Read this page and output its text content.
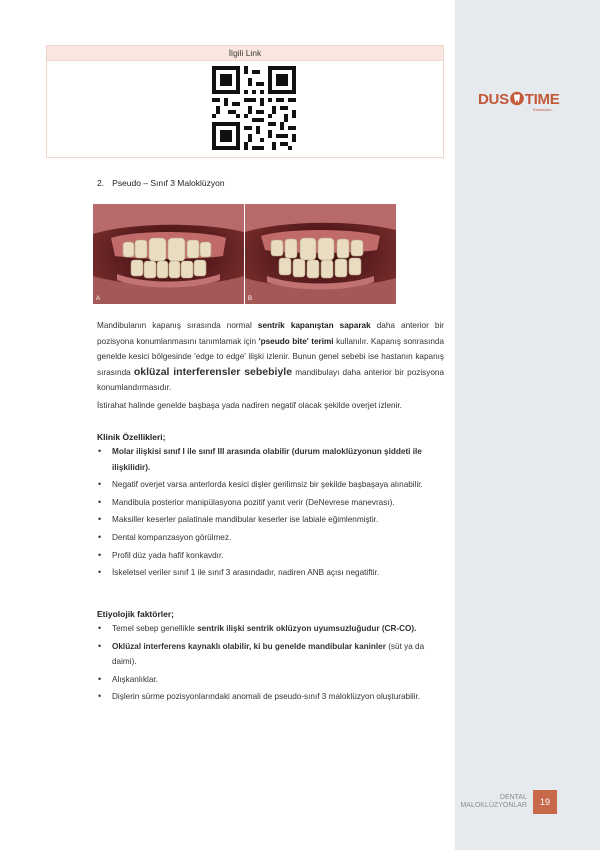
DUS TIME
Kazandırır...
İlgili Link
2. Pseudo – Sınıf 3 Maloklüzyon
A	B
Mandibulanın kapanış sırasında normal sentrik kapanıştan saparak daha anterior bir pozisyona konumlanmasını tanımlamak için 'pseudo bite' terimi kullanılır. Kapanış sonrasında genelde kesici bölgesinde 'edge to edge' ilişki izlenir. Bunun genel sebebi ise hastanın kapanış sırasında oklüzal interferensler sebebiyle mandibulayı daha anterior bir pozisyona konumlandırmasıdır.
İstirahat halinde genelde başbaşa yada nadiren negatif olacak şekilde overjet izlenir.
Klinik Özellikleri;
• Molar ilişkisi sınıf I ile sınıf III arasında olabilir (durum maloklüzyonun şiddeti ile ilişkilidir).
• Negatif overjet varsa anterlorda kesici dişler gerilimsiz bir şekilde başbaşaya alınabilir.
• Mandibula posterior manipülasyona pozitif yanıt verir (DeNevrese manevrası).
• Maksiller keserler palatinale mandibular keserler ise labiale eğimlenmiştir.
• Dental kompanzasyon görülmez.
• Profil düz yada hafif konkavdır.
• İskeletsel veriler sınıf 1 ile sınıf 3 arasındadır, nadiren ANB açısı negatiftir.
Etiyolojik faktörler;
• Temel sebep genellikle sentrik ilişki sentrik oklüzyon uyumsuzluğudur (CR-CO).
• Oklüzal interferens kaynaklı olabilir, ki bu genelde mandibular kaninler (süt ya da daimi).
• Alışkanlıklar.
• Dişlerin sürme pozisyonlarındaki anomali de pseudo-sınıf 3 maloklüzyon oluşturabilir.
DENTAL
MALOKLÜZYONLAR	19
